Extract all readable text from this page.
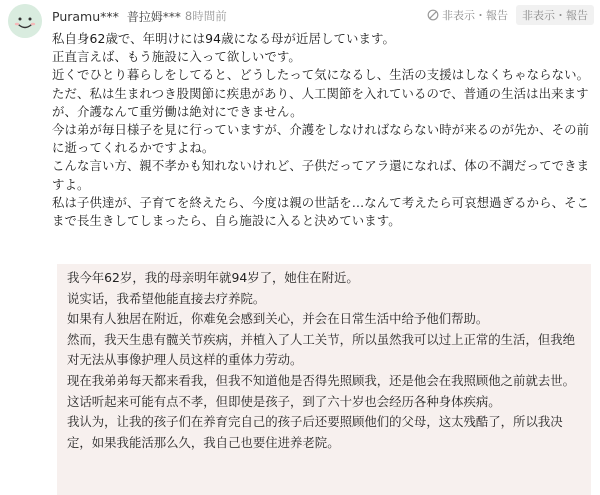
Puramu*** 普拉姆*** 8時間前	非表示・報告	非表示・報告

私自身62歳で、年明けには94歳になる母が近居しています。

正直言えば、もう施設に入って欲しいです。

近くでひとり暮らしをしてると、どうしたって気になるし、生活の支援はしなくちゃならない。

ただ、私は生まれつき股関節に疾患があり、人工関節を入れているので、普通の生活は出来ますが、介護なんて重労働は絶対にできません。

今は弟が毎日様子を見に行っていますが、介護をしなければならない時が来るのが先か、その前に逝ってくれるかですよね。

こんな言い方、親不孝かも知れないけれど、子供だってアラ還になれば、体の不調だってできますよ。

私は子供達が、子育てを終えたら、今度は親の世話を…なんて考えたら可哀想過ぎるから、そこまで長生きしてしまったら、自ら施設に入ると決めています。

我今年62岁，我的母亲明年就94岁了，她住在附近。

说实话，我希望他能直接去疗养院。

如果有人独居在附近，你难免会感到关心，并会在日常生活中给予他们帮助。

然而，我天生患有髋关节疾病，并植入了人工关节，所以虽然我可以过上正常的生活，但我绝对无法从事像护理人员这样的重体力劳动。

现在我弟弟每天都来看我，但我不知道他是否得先照顾我，还是他会在我照顾他之前就去世。

这话听起来可能有点不孝，但即使是孩子，到了六十岁也会经历各种身体疾病。

我认为，让我的孩子们在养育完自己的孩子后还要照顾他们的父母，这太残酷了，所以我决定，如果我能活那么久，我自己也要住进养老院。
